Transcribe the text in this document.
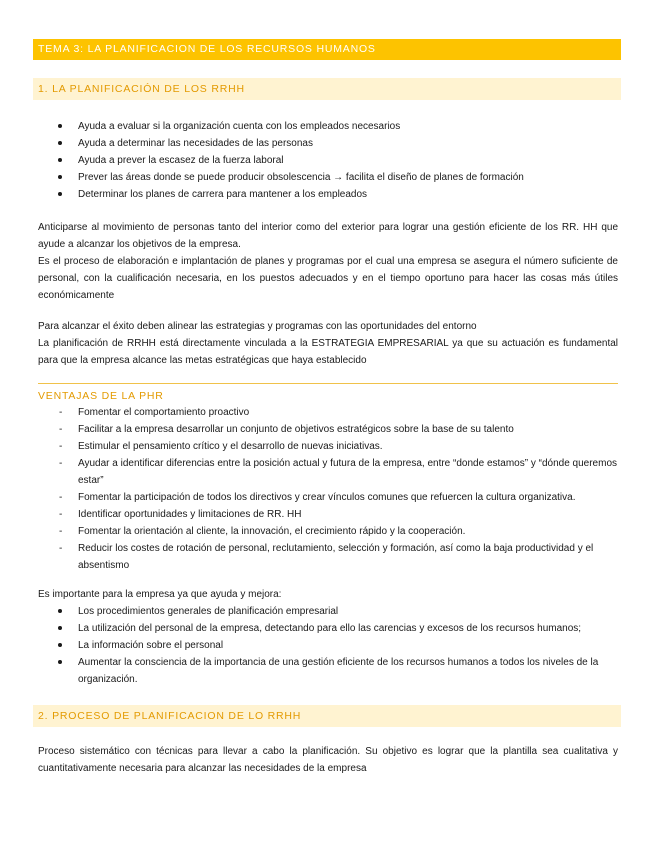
TEMA 3: LA PLANIFICACION DE LOS RECURSOS HUMANOS
1. LA PLANIFICACIÓN DE LOS RRHH
Ayuda a evaluar si la organización cuenta con los empleados necesarios
Ayuda a determinar las necesidades de las personas
Ayuda a prever la escasez de la fuerza laboral
Prever las áreas donde se puede producir obsolescencia → facilita el diseño de planes de formación
Determinar los planes de carrera para mantener a los empleados

Anticiparse al movimiento de personas tanto del interior como del exterior para lograr una gestión eficiente de los RR. HH que ayude a alcanzar los objetivos de la empresa.

Es el proceso de elaboración e implantación de planes y programas por el cual una empresa se asegura el número suficiente de personal, con la cualificación necesaria, en los puestos adecuados y en el tiempo oportuno para hacer las cosas más útiles económicamente

Para alcanzar el éxito deben alinear las estrategias y programas con las oportunidades del entorno

La planificación de RRHH está directamente vinculada a la ESTRATEGIA EMPRESARIAL ya que su actuación es fundamental para que la empresa alcance las metas estratégicas que haya establecido

VENTAJAS DE LA PHR
- Fomentar el comportamiento proactivo
- Facilitar a la empresa desarrollar un conjunto de objetivos estratégicos sobre la base de su talento
- Estimular el pensamiento crítico y el desarrollo de nuevas iniciativas.
- Ayudar a identificar diferencias entre la posición actual y futura de la empresa, entre “donde estamos” y “dónde queremos estar”
- Fomentar la participación de todos los directivos y crear vínculos comunes que refuercen la cultura organizativa.
- Identificar oportunidades y limitaciones de RR. HH
- Fomentar la orientación al cliente, la innovación, el crecimiento rápido y la cooperación.
- Reducir los costes de rotación de personal, reclutamiento, selección y formación, así como la baja productividad y el absentismo

Es importante para la empresa ya que ayuda y mejora:

Los procedimientos generales de planificación empresarial
La utilización del personal de la empresa, detectando para ello las carencias y excesos de los recursos humanos;
La información sobre el personal
Aumentar la consciencia de la importancia de una gestión eficiente de los recursos humanos a todos los niveles de la organización.
2. PROCESO DE PLANIFICACION DE LO RRHH

Proceso sistemático con técnicas para llevar a cabo la planificación. Su objetivo es lograr que la plantilla sea cualitativa y cuantitativamente necesaria para alcanzar las necesidades de la empresa
